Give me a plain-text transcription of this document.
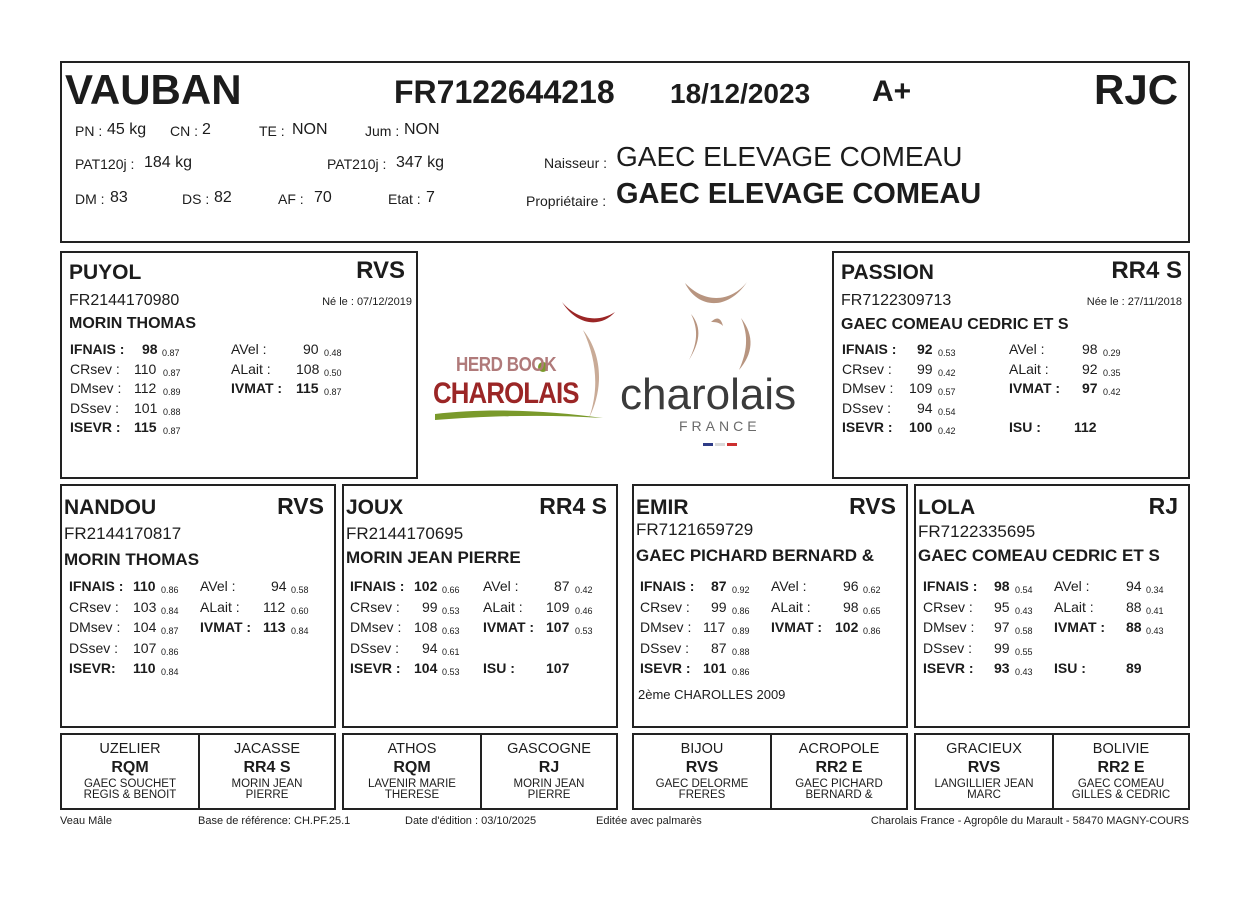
VAUBAN	FR7122644218 18/12/2023 A+	RJC
PN : 45 kg CN : 2	TE : NON	Jum : NON
PAT120j : 184 kg	PAT210j : 347 kg
DM : 83	DS : 82	AF : 70	Etat : 7
Naisseur : GAEC ELEVAGE COMEAU
Propriétaire : GAEC ELEVAGE COMEAU
PUYOL	RVS
FR2144170980	Né le : 07/12/2019
MORIN THOMAS
IFNAIS : 98 0.87	AVel :	90 0.48
CRsev : 110 0.87	ALait : 108 0.50
DMsev : 112 0.89	IVMAT : 115 0.87
DSsev : 101 0.88
ISEVR : 115 0.87
HERD BOOK
CHAROLAIS charolais
FRANCE
PASSION	RR4 S
FR7122309713	Née le : 27/11/2018
GAEC COMEAU CEDRIC ET S
IFNAIS : 92 0.53	AVel :	98 0.29
CRsev : 99 0.42	ALait : 92 0.35
DMsev : 109 0.57	IVMAT : 97 0.42
DSsev : 94 0.54
ISEVR : 100 0.42	ISU : 112
NANDOU	RVS
FR2144170817
MORIN THOMAS
IFNAIS : 110 0.86 AVel :	94 0.58
CRsev : 103 0.84 ALait : 112 0.60
DMsev : 104 0.87 IVMAT : 113 0.84
DSsev : 107 0.86
ISEVR: 110 0.84
JOUX	RR4 S
FR2144170695
MORIN JEAN PIERRE
IFNAIS : 102 0.66 AVel :	87 0.42
CRsev : 99 0.53 ALait : 109 0.46
DMsev : 108 0.63 IVMAT : 107 0.53
DSsev : 94 0.61
ISEVR : 104 0.53 ISU : 107
EMIR	RVS
FR7121659729
GAEC PICHARD BERNARD &
IFNAIS : 87 0.92 AVel :	96 0.62
CRsev : 99 0.86 ALait : 98 0.65
DMsev : 117 0.89 IVMAT : 102 0.86
DSsev : 87 0.88
ISEVR : 101 0.86
2ème CHAROLLES 2009
LOLA	RJ
FR7122335695
GAEC COMEAU CEDRIC ET S
IFNAIS : 98 0.54 AVel :	94 0.34
CRsev : 95 0.43 ALait : 88 0.41
DMsev : 97 0.58 IVMAT : 88 0.43
DSsev : 99 0.55
ISEVR : 93 0.43 ISU :	89
UZELIER
RQM
GAEC SOUCHET
REGIS & BENOIT
JACASSE
RR4 S
MORIN JEAN
PIERRE
ATHOS
RQM
LAVENIR MARIE
THERESE
GASCOGNE
RJ
MORIN JEAN
PIERRE
BIJOU
RVS
GAEC DELORME
FRERES
ACROPOLE
RR2 E
GAEC PICHARD
BERNARD &
GRACIEUX
RVS
LANGILLIER JEAN
MARC
BOLIVIE
RR2 E
GAEC COMEAU
GILLES & CEDRIC
Veau Mâle	Base de référence: CH.PF.25.1	Date d'édition : 03/10/2025	Editée avec palmarès	Charolais France - Agropôle du Marault - 58470 MAGNY-COURS
